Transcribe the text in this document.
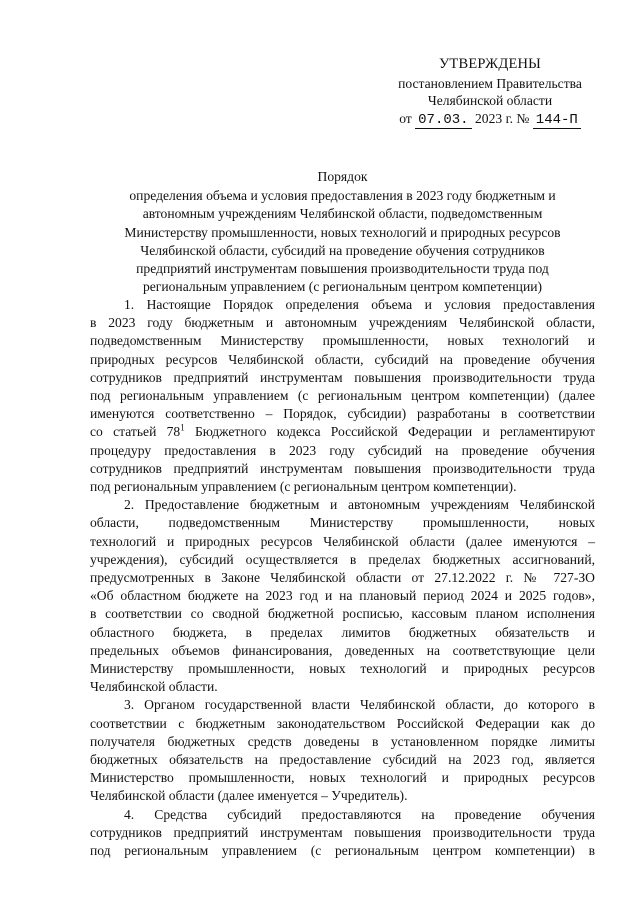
УТВЕРЖДЕНЫ
постановлением Правительства
Челябинской области
от 07.03. 2023 г. № 144-П
Порядок
определения объема и условия предоставления в 2023 году бюджетным и
автономным учреждениям Челябинской области, подведомственным
Министерству промышленности, новых технологий и природных ресурсов
Челябинской области, субсидий на проведение обучения сотрудников
предприятий инструментам повышения производительности труда под
региональным управлением (с региональным центром компетенции)
1. Настоящие Порядок определения объема и условия предоставления
в 2023 году бюджетным и автономным учреждениям Челябинской области,
подведомственным Министерству промышленности, новых технологий и
природных ресурсов Челябинской области, субсидий на проведение обучения
сотрудников предприятий инструментам повышения производительности труда
под региональным управлением (с региональным центром компетенции) (далее
именуются соответственно – Порядок, субсидии) разработаны в соответствии
со статьей $78^1$ Бюджетного кодекса Российской Федерации и регламентируют
процедуру предоставления в 2023 году субсидий на проведение обучения
сотрудников предприятий инструментам повышения производительности труда
под региональным управлением (с региональным центром компетенции).
2. Предоставление бюджетным и автономным учреждениям Челябинской
области, подведомственным Министерству промышленности, новых
технологий и природных ресурсов Челябинской области (далее именуются –
учреждения), субсидий осуществляется в пределах бюджетных ассигнований,
предусмотренных в Законе Челябинской области от 27.12.2022 г. № 727-ЗО
«Об областном бюджете на 2023 год и на плановый период 2024 и 2025 годов»,
в соответствии со сводной бюджетной росписью, кассовым планом исполнения
областного бюджета, в пределах лимитов бюджетных обязательств и
предельных объемов финансирования, доведенных на соответствующие цели
Министерству промышленности, новых технологий и природных ресурсов
Челябинской области.
3. Органом государственной власти Челябинской области, до которого в
соответствии с бюджетным законодательством Российской Федерации как до
получателя бюджетных средств доведены в установленном порядке лимиты
бюджетных обязательств на предоставление субсидий на 2023 год, является
Министерство промышленности, новых технологий и природных ресурсов
Челябинской области (далее именуется – Учредитель).
4. Средства субсидий предоставляются на проведение обучения
сотрудников предприятий инструментам повышения производительности труда
под региональным управлением (с региональным центром компетенции) в
